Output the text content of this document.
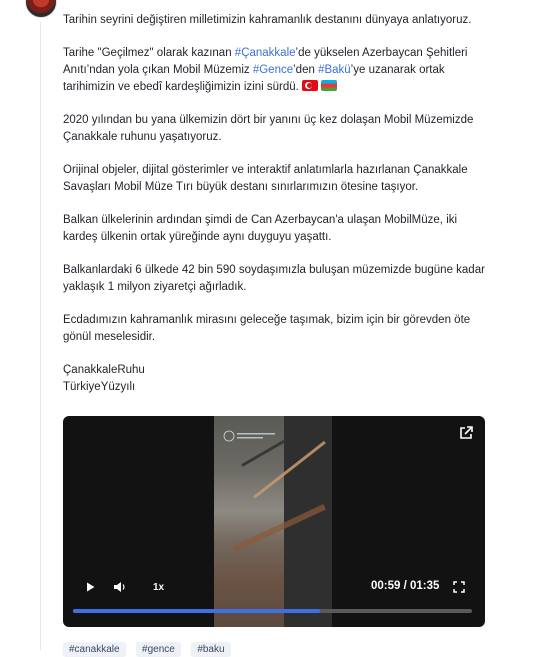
Tarihin seyrini değiştiren milletimizin kahramanlık destanını dünyaya anlatıyoruz.

Tarihe "Geçilmez" olarak kazınan #Çanakkale’de yükselen Azerbaycan Şehitleri Anıtı’ndan yola çıkan Mobil Müzemiz #Gence’den #Bakü’ye uzanarak ortak tarihimizin ve ebedî kardeşliğimizin izini sürdü.

2020 yılından bu yana ülkemizin dört bir yanını üç kez dolaşan Mobil Müzemizde Çanakkale ruhunu yaşatıyoruz.

Orijinal objeler, dijital gösterimler ve interaktif anlatımlarla hazırlanan Çanakkale Savaşları Mobil Müze Tırı büyük destanı sınırlarımızın ötesine taşıyor.

Balkan ülkelerinin ardından şimdi de Can Azerbaycan'a ulaşan MobilMüze, iki kardeş ülkenin ortak yüreğinde aynı duyguyu yaşattı.

Balkanlardaki 6 ülkede 42 bin 590 soydaşımızla buluşan müzemizde bugüne kadar yaklaşık 1 milyon ziyaretçi ağırladık.

Ecdadımızın kahramanlık mirasını geleceğe taşımak, bizim için bir görevden öte gönül meselesidir.

ÇanakkaleRuhu
TürkiyeYüzyılı

1x	00:59 / 01:35
#canakkale #gence #baku
